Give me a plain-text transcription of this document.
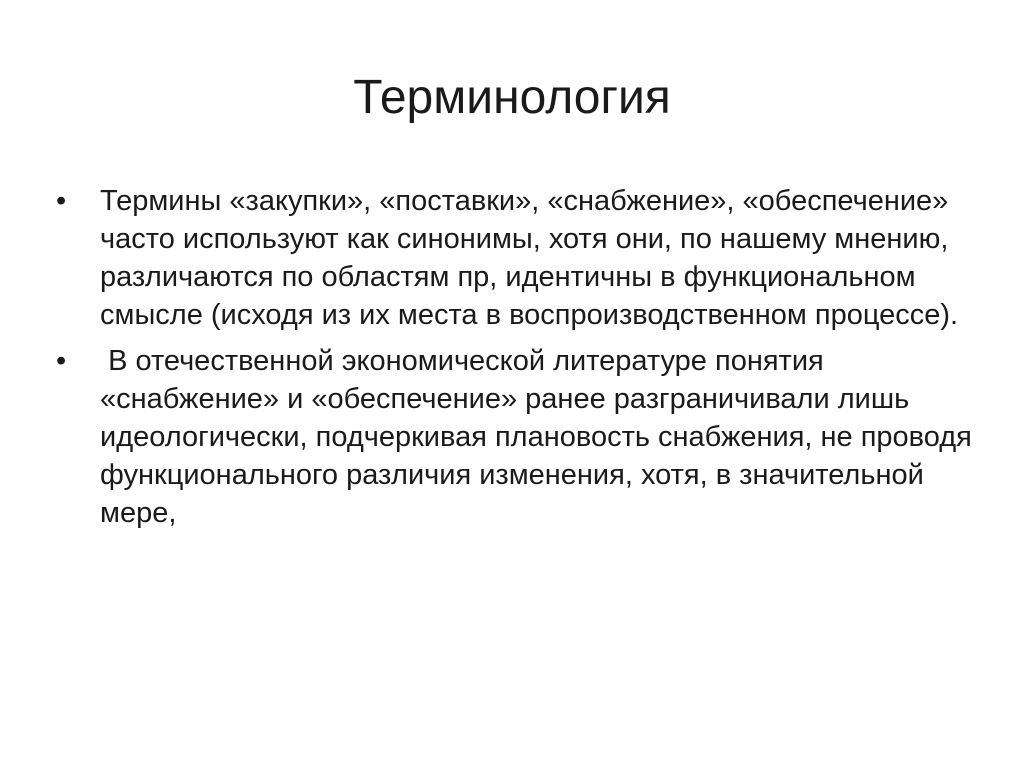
Терминология
•	Термины «закупки», «поставки», «снабжение», «обеспечение» часто используют как синонимы, хотя они, по нашему мнению,  различаются по областям пр, идентичны в функциональном смысле (исходя из их места в воспроизводственном процессе).
•	В отечественной экономической литературе понятия «снабжение» и «обеспечение» ранее разграничивали лишь идеологически, подчеркивая плановость снабжения, не проводя функционального различия изменения, хотя, в значительной мере,
